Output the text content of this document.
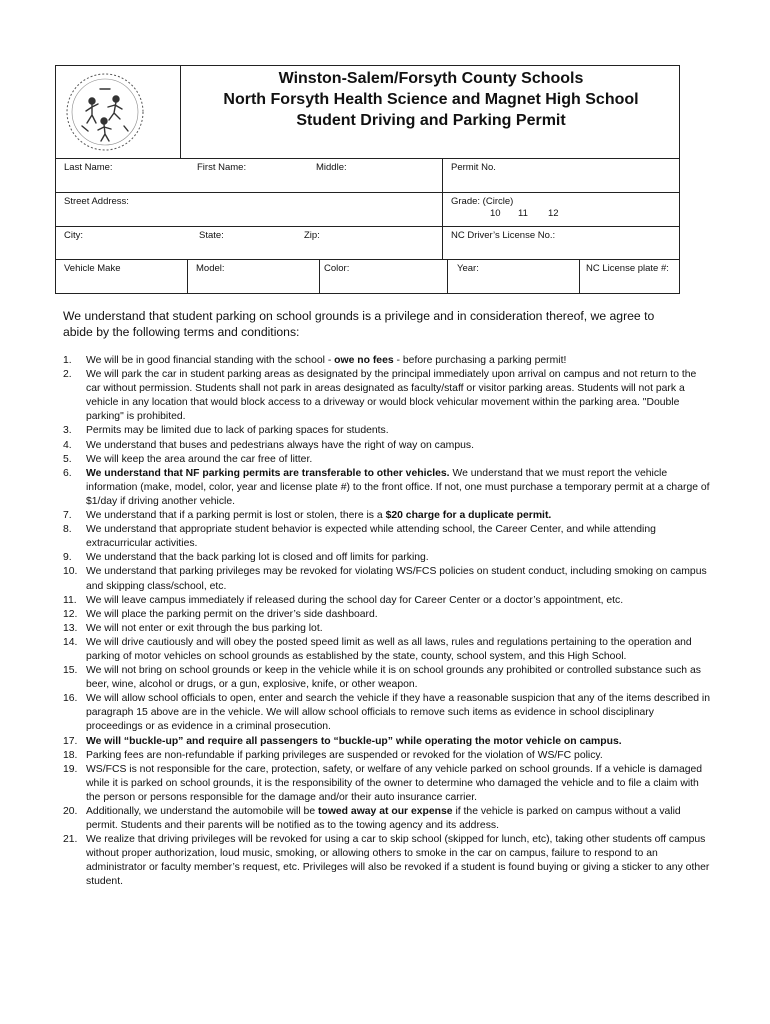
Winston-Salem/Forsyth County Schools
North Forsyth Health Science and Magnet High School
Student Driving and Parking Permit
Last Name:	First Name:	Middle:	Permit No.
Street Address:	Grade: (Circle)
10 11 12
City:	State:	Zip:	NC Driver’s License No.:
Vehicle Make	Model:	Color:	Year:	NC License plate #:
We understand that student parking on school grounds is a privilege and in consideration thereof, we agree to abide by the following terms and conditions:
1. We will be in good financial standing with the school - owe no fees - before purchasing a parking permit!
2. We will park the car in student parking areas as designated by the principal immediately upon arrival on campus and not return to the car without permission. Students shall not park in areas designated as faculty/staff or visitor parking areas. Students will not park a vehicle in any location that would block access to a driveway or would block vehicular movement within the parking area. "Double parking" is prohibited.
3. Permits may be limited due to lack of parking spaces for students.
4. We understand that buses and pedestrians always have the right of way on campus.
5. We will keep the area around the car free of litter.
6. We understand that NF parking permits are transferable to other vehicles. We understand that we must report the vehicle information (make, model, color, year and license plate #) to the front office. If not, one must purchase a temporary permit at a charge of $1/day if driving another vehicle.
7. We understand that if a parking permit is lost or stolen, there is a $20 charge for a duplicate permit.
8. We understand that appropriate student behavior is expected while attending school, the Career Center, and while attending extracurricular activities.
9. We understand that the back parking lot is closed and off limits for parking.
10. We understand that parking privileges may be revoked for violating WS/FCS policies on student conduct, including smoking on campus and skipping class/school, etc.
11. We will leave campus immediately if released during the school day for Career Center or a doctor’s appointment, etc.
12. We will place the parking permit on the driver’s side dashboard.
13. We will not enter or exit through the bus parking lot.
14. We will drive cautiously and will obey the posted speed limit as well as all laws, rules and regulations pertaining to the operation and parking of motor vehicles on school grounds as established by the state, county, school system, and this High School.
15. We will not bring on school grounds or keep in the vehicle while it is on school grounds any prohibited or controlled substance such as beer, wine, alcohol or drugs, or a gun, explosive, knife, or other weapon.
16. We will allow school officials to open, enter and search the vehicle if they have a reasonable suspicion that any of the items described in paragraph 15 above are in the vehicle. We will allow school officials to remove such items as evidence in school disciplinary proceedings or as evidence in a criminal prosecution.
17. We will “buckle-up” and require all passengers to “buckle-up” while operating the motor vehicle on campus.
18. Parking fees are non-refundable if parking privileges are suspended or revoked for the violation of WS/FC policy.
19. WS/FCS is not responsible for the care, protection, safety, or welfare of any vehicle parked on school grounds. If a vehicle is damaged while it is parked on school grounds, it is the responsibility of the owner to determine who damaged the vehicle and to file a claim with the person or persons responsible for the damage and/or their auto insurance carrier.
20. Additionally, we understand the automobile will be towed away at our expense if the vehicle is parked on campus without a valid permit. Students and their parents will be notified as to the towing agency and its address.
21. We realize that driving privileges will be revoked for using a car to skip school (skipped for lunch, etc), taking other students off campus without proper authorization, loud music, smoking, or allowing others to smoke in the car on campus, failure to respond to an administrator or faculty member’s request, etc. Privileges will also be revoked if a student is found buying or giving a sticker to any other student.
